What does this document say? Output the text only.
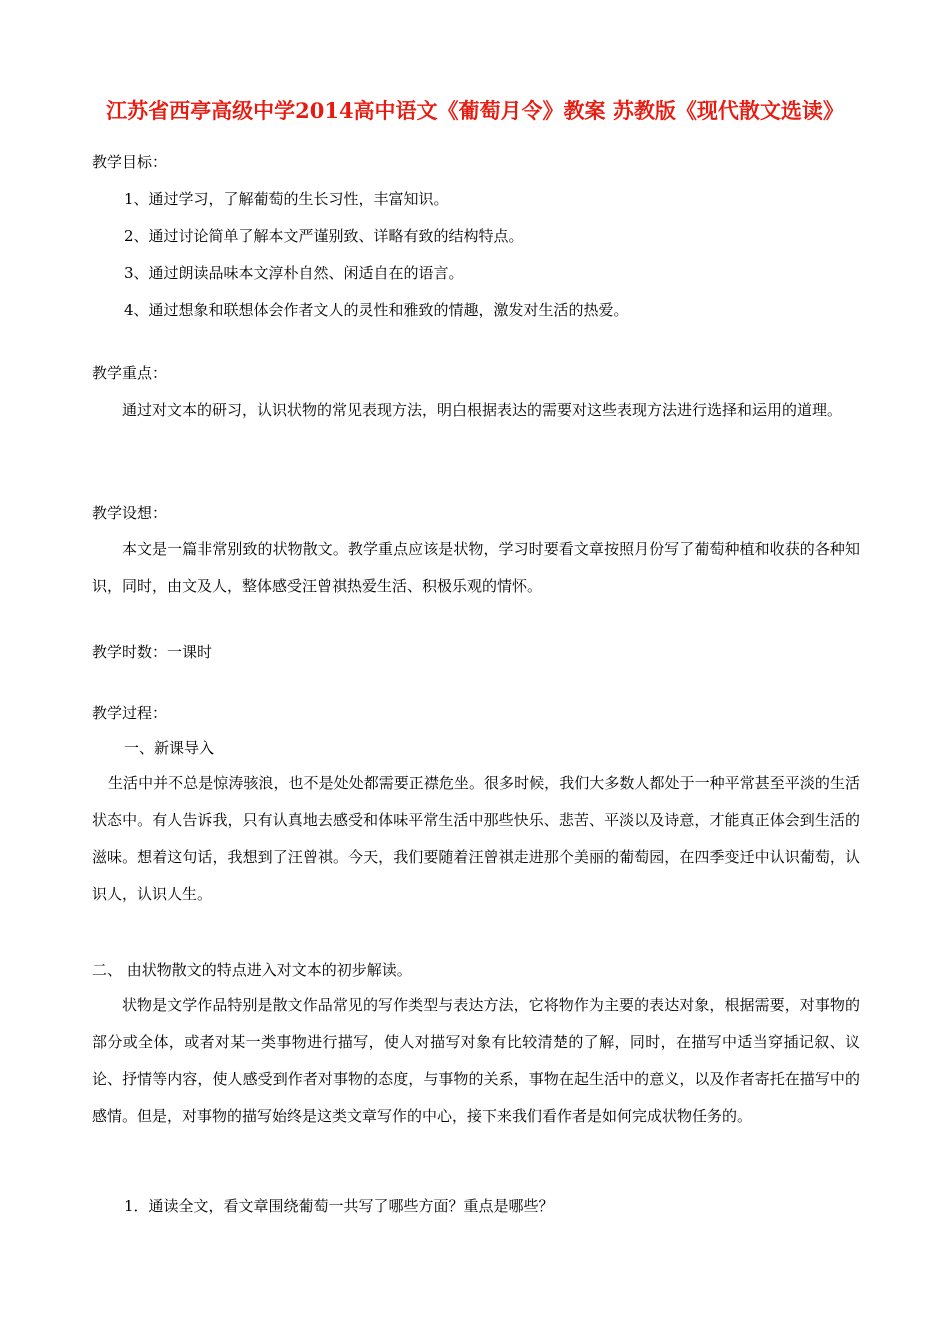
江苏省西亭高级中学2014高中语文《葡萄月令》教案 苏教版《现代散文选读》
教学目标：
1、通过学习，了解葡萄的生长习性，丰富知识。
2、通过讨论简单了解本文严谨别致、详略有致的结构特点。
3、通过朗读品味本文淳朴自然、闲适自在的语言。
4、通过想象和联想体会作者文人的灵性和雅致的情趣，激发对生活的热爱。
教学重点：
通过对文本的研习，认识状物的常见表现方法，明白根据表达的需要对这些表现方法进行选择和运用的道理。
教学设想：
本文是一篇非常别致的状物散文。教学重点应该是状物，学习时要看文章按照月份写了葡萄种植和收获的各种知识，同时，由文及人，整体感受汪曾祺热爱生活、积极乐观的情怀。
教学时数：一课时
教学过程：
一、新课导入
生活中并不总是惊涛骇浪，也不是处处都需要正襟危坐。很多时候，我们大多数人都处于一种平常甚至平淡的生活状态中。有人告诉我，只有认真地去感受和体味平常生活中那些快乐、悲苦、平淡以及诗意，才能真正体会到生活的滋味。想着这句话，我想到了汪曾祺。今天，我们要随着汪曾祺走进那个美丽的葡萄园，在四季变迁中认识葡萄，认识人，认识人生。
二、 由状物散文的特点进入对文本的初步解读。
状物是文学作品特别是散文作品常见的写作类型与表达方法，它将物作为主要的表达对象，根据需要，对事物的部分或全体，或者对某一类事物进行描写，使人对描写对象有比较清楚的了解，同时，在描写中适当穿插记叙、议论、抒情等内容，使人感受到作者对事物的态度，与事物的关系，事物在起生活中的意义，以及作者寄托在描写中的感情。但是，对事物的描写始终是这类文章写作的中心，接下来我们看作者是如何完成状物任务的。
1．通读全文，看文章围绕葡萄一共写了哪些方面？重点是哪些？
